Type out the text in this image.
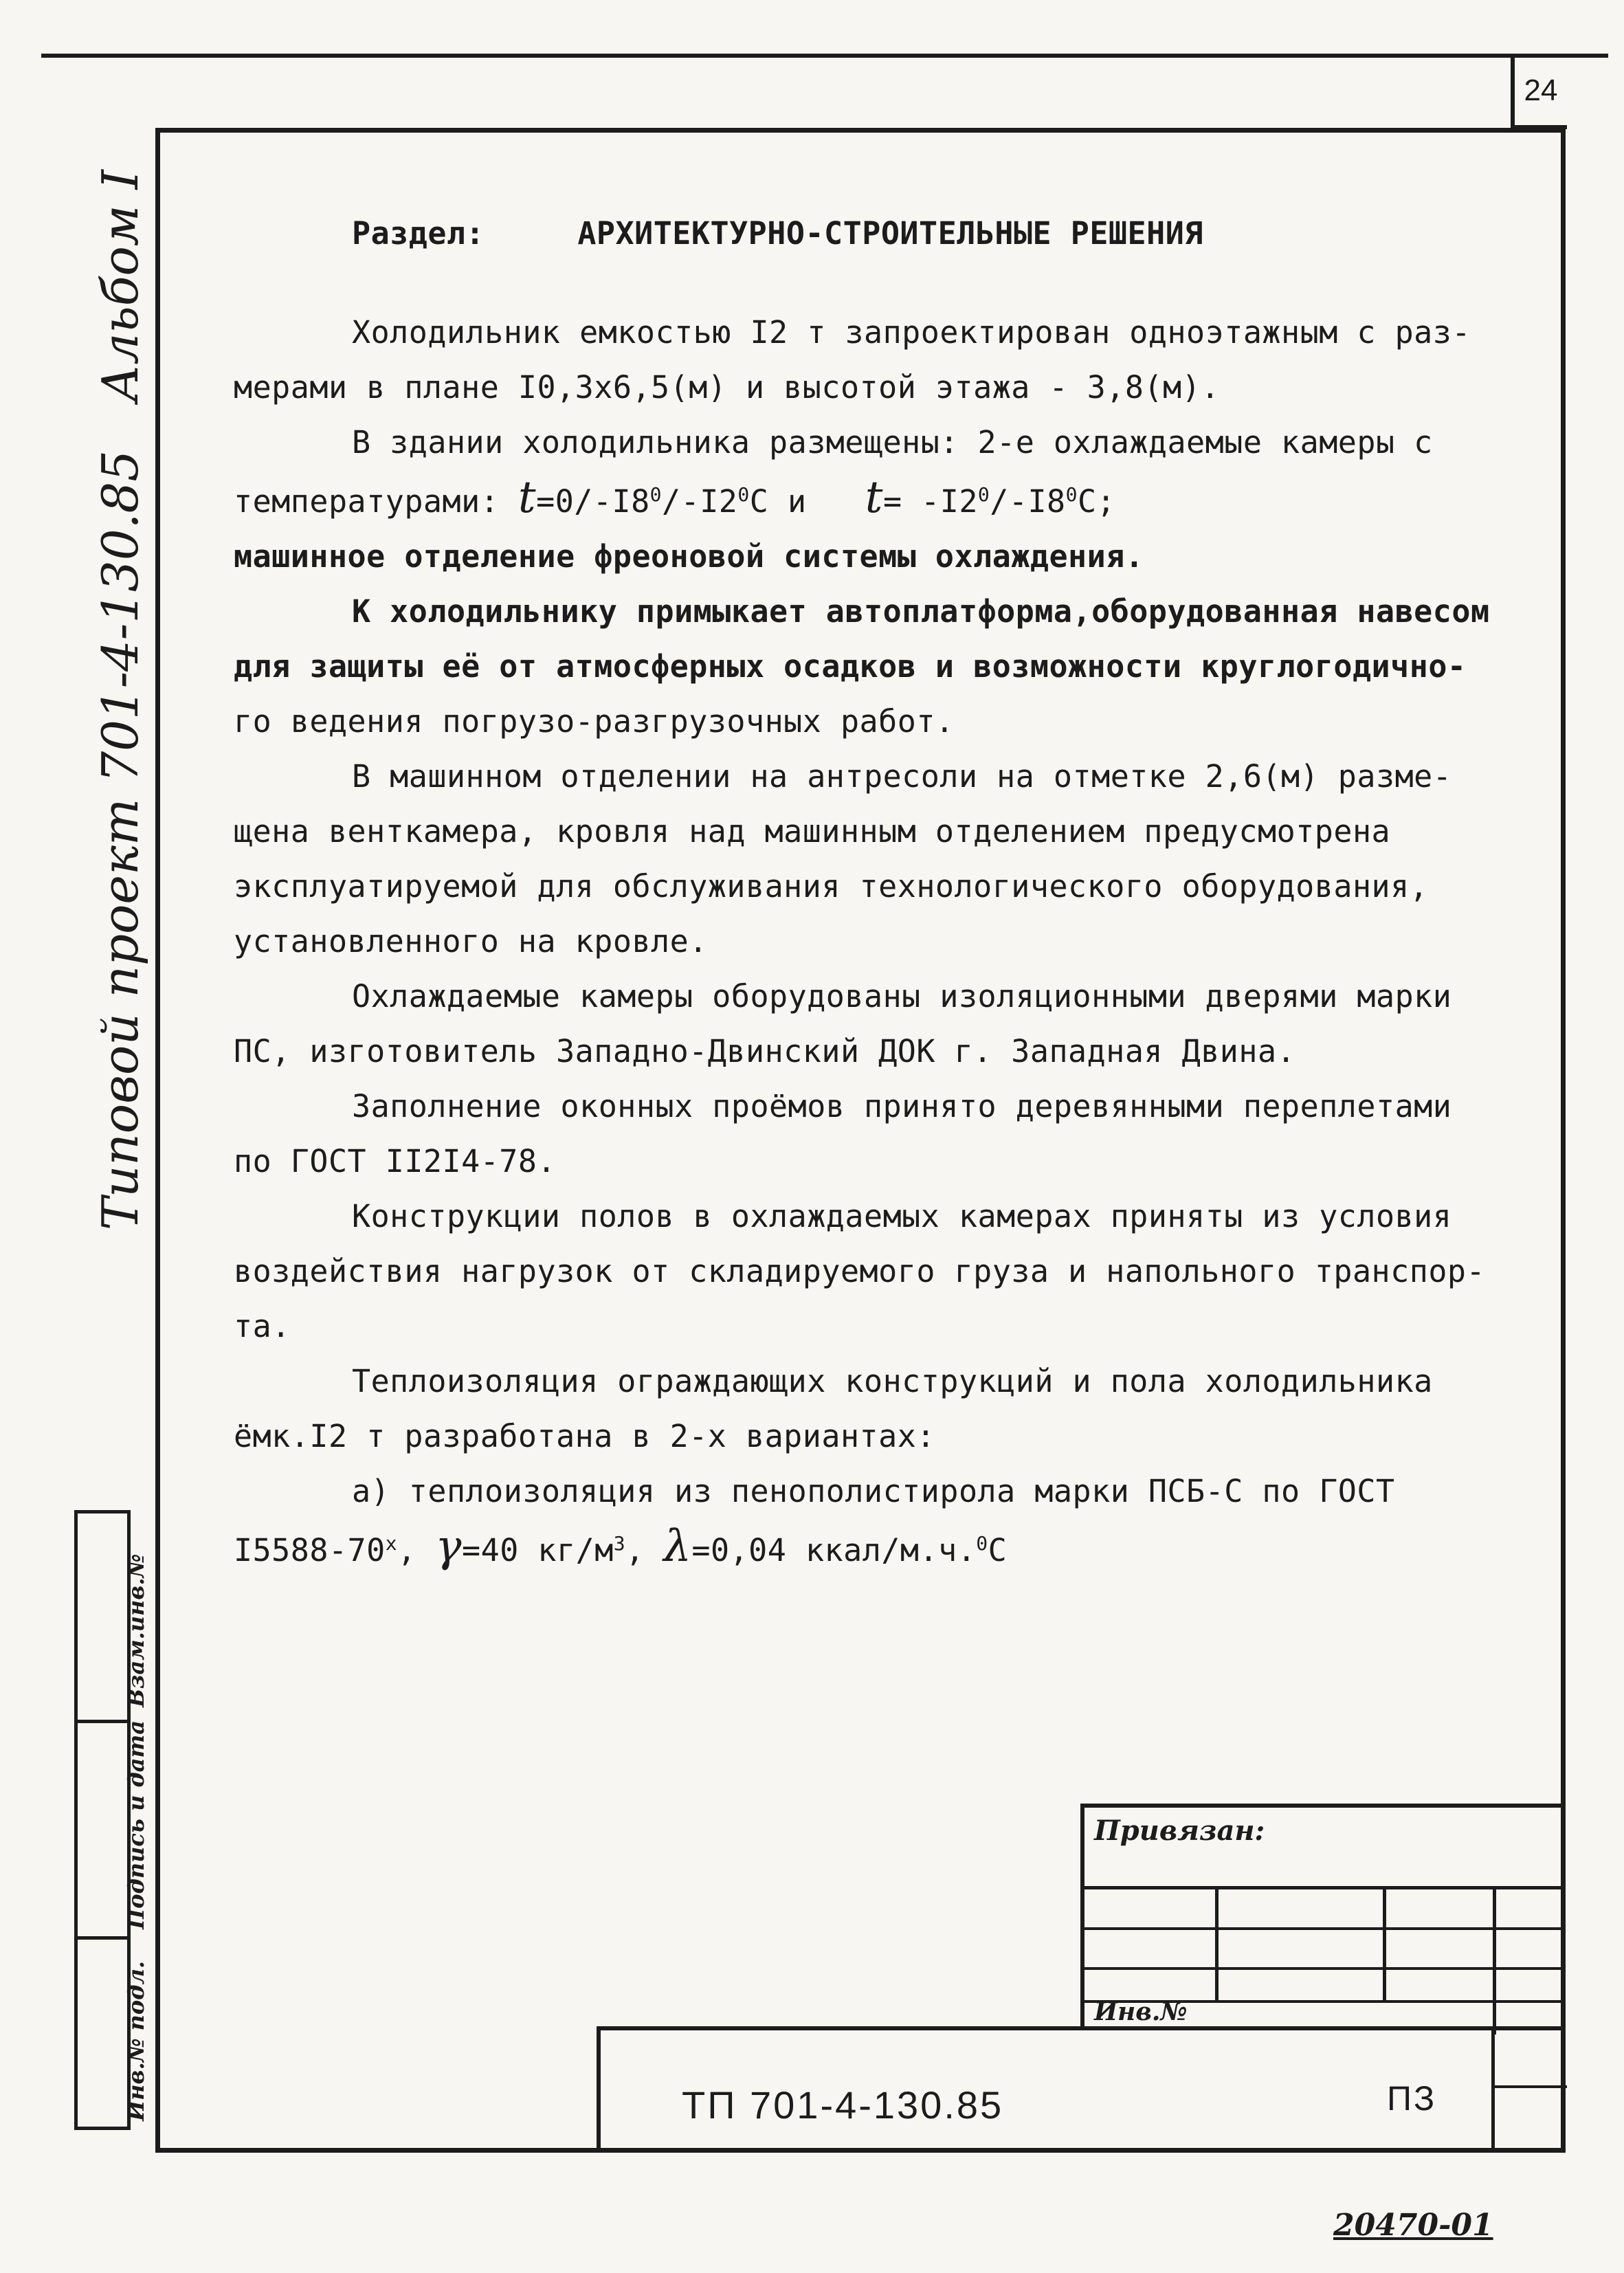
24
Типовой проект 701-4-130.85
Альбом I
Взам.инв.№
Подпись и дата
Инв.№ подл.

Раздел:	АРХИТЕКТУРНО-СТРОИТЕЛЬНЫЕ РЕШЕНИЯ

Холодильник емкостью I2 т запроектирован одноэтажным с раз-

мерами в плане I0,3х6,5(м) и высотой этажа - 3,8(м).

В здании холодильника размещены: 2-е охлаждаемые камеры с

температурами: $t=0/-I8^0/-I2^0С$ и $t= -I2^0/-I8^0С$;

машинное отделение фреоновой системы охлаждения.

К холодильнику примыкает автоплатформа,оборудованная навесом

для защиты её от атмосферных осадков и возможности круглогодично-

го ведения погрузо-разгрузочных работ.

В машинном отделении на антресоли на отметке 2,6(м) разме-

щена венткамера, кровля над машинным отделением предусмотрена

эксплуатируемой для обслуживания технологического оборудования,

установленного на кровле.

Охлаждаемые камеры оборудованы изоляционными дверями марки

ПС, изготовитель Западно-Двинский ДОК г. Западная Двина.

Заполнение оконных проёмов принято деревянными переплетами

по ГОСТ II2I4-78.

Конструкции полов в охлаждаемых камерах приняты из условия

воздействия нагрузок от складируемого груза и напольного транспор-

та.

Теплоизоляция ограждающих конструкций и пола холодильника

ёмк.I2 т разработана в 2-х вариантах:

а) теплоизоляция из пенополистирола марки ПСБ-С по ГОСТ

$I5588-70^х$, γ=40 $кг/м^3$, λ=0,04 ккал/м.ч.$^0$С

Привязан:
Инв.№
ТП 701-4-130.85	ПЗ
20470-01
